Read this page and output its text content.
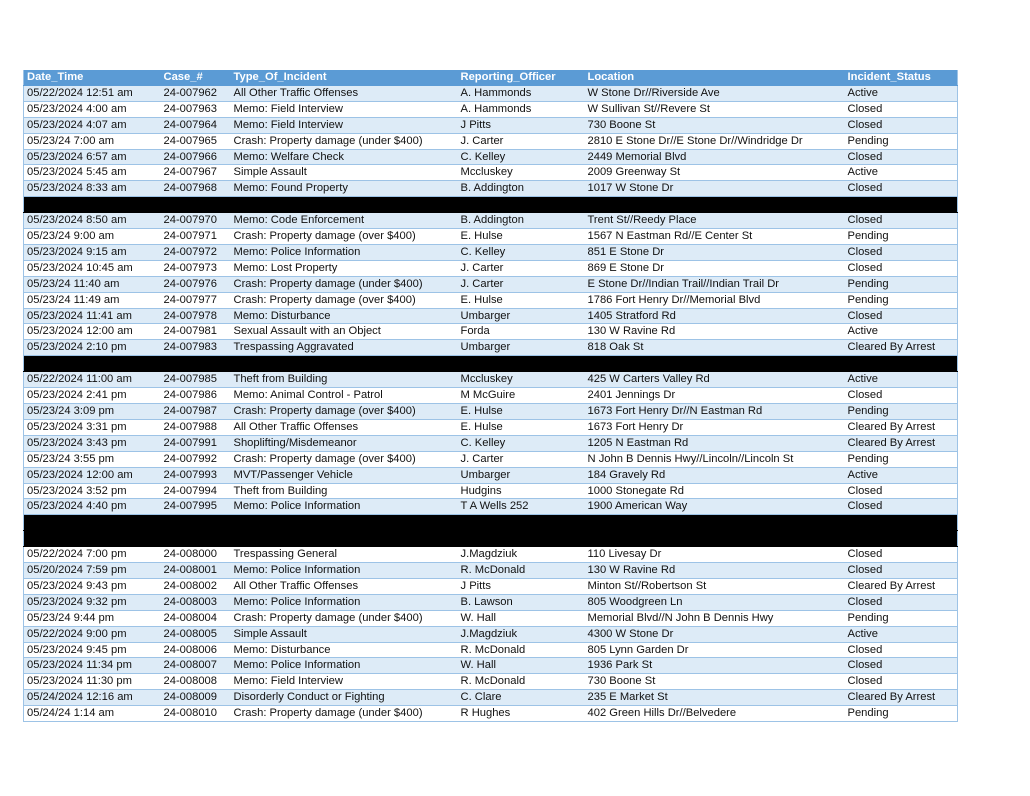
Date_Time	Case_#	Type_Of_Incident	Reporting_Officer	Location	Incident_Status
05/22/2024 12:51 am	24-007962	All Other Traffic Offenses	A. Hammonds	W Stone Dr//Riverside Ave	Active
05/23/2024 4:00 am	24-007963	Memo: Field Interview	A. Hammonds	W Sullivan St//Revere St	Closed
05/23/2024 4:07 am	24-007964	Memo: Field Interview	J Pitts	730 Boone St	Closed
05/23/24 7:00 am	24-007965	Crash: Property damage (under $400)	J. Carter	2810 E Stone Dr//E Stone Dr//Windridge Dr	Pending
05/23/2024 6:57 am	24-007966	Memo: Welfare Check	C. Kelley	2449 Memorial Blvd	Closed
05/23/2024 5:45 am	24-007967	Simple Assault	Mccluskey	2009 Greenway St	Active
05/23/2024 8:33 am	24-007968	Memo: Found Property	B. Addington	1017 W Stone Dr	Closed

05/23/2024 8:50 am	24-007970	Memo: Code Enforcement	B. Addington	Trent St//Reedy Place	Closed
05/23/24 9:00 am	24-007971	Crash: Property damage (over $400)	E. Hulse	1567 N Eastman Rd//E Center St	Pending
05/23/2024 9:15 am	24-007972	Memo: Police Information	C. Kelley	851 E Stone Dr	Closed
05/23/2024 10:45 am	24-007973	Memo: Lost Property	J. Carter	869 E Stone Dr	Closed
05/23/24 11:40 am	24-007976	Crash: Property damage (under $400)	J. Carter	E Stone Dr//Indian Trail//Indian Trail Dr	Pending
05/23/24 11:49 am	24-007977	Crash: Property damage (over $400)	E. Hulse	1786 Fort Henry Dr//Memorial Blvd	Pending
05/23/2024 11:41 am	24-007978	Memo: Disturbance	Umbarger	1405 Stratford Rd	Closed
05/23/2024 12:00 am	24-007981	Sexual Assault with an Object	Forda	130 W Ravine Rd	Active
05/23/2024 2:10 pm	24-007983	Trespassing Aggravated	Umbarger	818 Oak St	Cleared By Arrest

05/22/2024 11:00 am	24-007985	Theft from Building	Mccluskey	425 W Carters Valley Rd	Active
05/23/2024 2:41 pm	24-007986	Memo: Animal Control - Patrol	M McGuire	2401 Jennings Dr	Closed
05/23/24 3:09 pm	24-007987	Crash: Property damage (over $400)	E. Hulse	1673 Fort Henry Dr//N Eastman Rd	Pending
05/23/2024 3:31 pm	24-007988	All Other Traffic Offenses	E. Hulse	1673 Fort Henry Dr	Cleared By Arrest
05/23/2024 3:43 pm	24-007991	Shoplifting/Misdemeanor	C. Kelley	1205 N Eastman Rd	Cleared By Arrest
05/23/24 3:55 pm	24-007992	Crash: Property damage (over $400)	J. Carter	N John B Dennis Hwy//Lincoln//Lincoln St	Pending
05/23/2024 12:00 am	24-007993	MVT/Passenger Vehicle	Umbarger	184 Gravely Rd	Active
05/23/2024 3:52 pm	24-007994	Theft from Building	Hudgins	1000 Stonegate Rd	Closed
05/23/2024 4:40 pm	24-007995	Memo: Police Information	T A Wells 252	1900 American Way	Closed

05/22/2024 7:00 pm	24-008000	Trespassing General	J.Magdziuk	110 Livesay Dr	Closed
05/20/2024 7:59 pm	24-008001	Memo: Police Information	R. McDonald	130 W Ravine Rd	Closed
05/23/2024 9:43 pm	24-008002	All Other Traffic Offenses	J Pitts	Minton St//Robertson St	Cleared By Arrest
05/23/2024 9:32 pm	24-008003	Memo: Police Information	B. Lawson	805 Woodgreen Ln	Closed
05/23/24 9:44 pm	24-008004	Crash: Property damage (under $400)	W. Hall	Memorial Blvd//N John B Dennis Hwy	Pending
05/22/2024 9:00 pm	24-008005	Simple Assault	J.Magdziuk	4300 W Stone Dr	Active
05/23/2024 9:45 pm	24-008006	Memo: Disturbance	R. McDonald	805 Lynn Garden Dr	Closed
05/23/2024 11:34 pm	24-008007	Memo: Police Information	W. Hall	1936 Park St	Closed
05/23/2024 11:30 pm	24-008008	Memo: Field Interview	R. McDonald	730 Boone St	Closed
05/24/2024 12:16 am	24-008009	Disorderly Conduct or Fighting	C. Clare	235 E Market St	Cleared By Arrest
05/24/24 1:14 am	24-008010	Crash: Property damage (under $400)	R Hughes	402 Green Hills Dr//Belvedere	Pending
